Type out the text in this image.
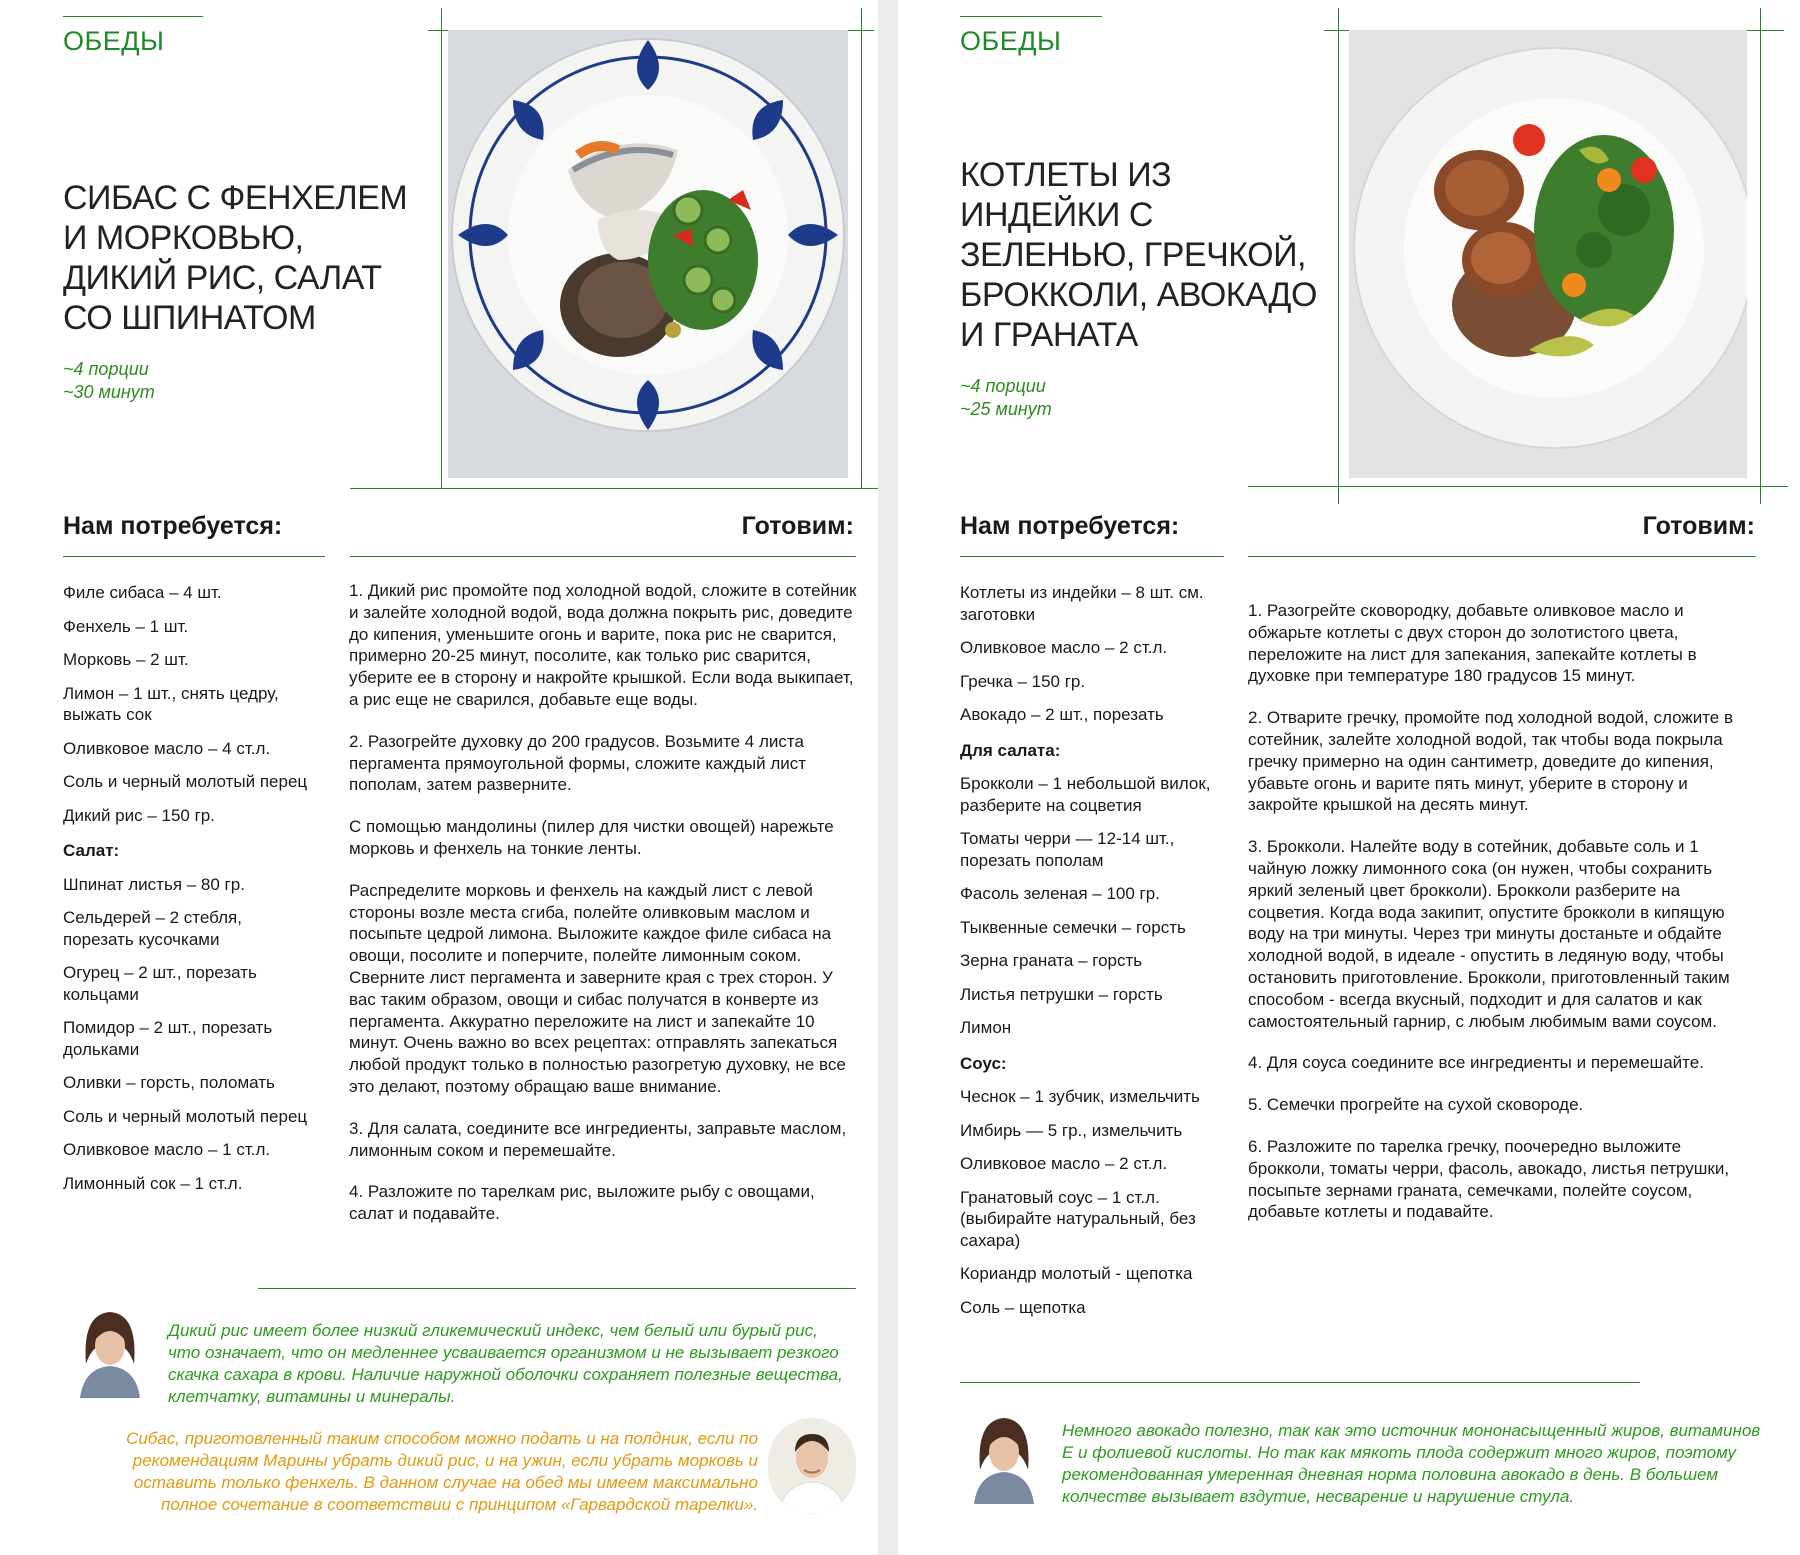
ОБЕДЫ
СИБАС С ФЕНХЕЛЕМ
И МОРКОВЬЮ,
ДИКИЙ РИС, САЛАТ
СО ШПИНАТОМ
~4 порции
~30 минут
Нам потребуется:	Готовим:
Филе сибаса – 4 шт.
Фенхель – 1 шт.
Морковь – 2 шт.
Лимон – 1 шт., снять цедру, выжать сок
Оливковое масло – 4 ст.л.
Соль и черный молотый перец
Дикий рис – 150 гр.
Салат:
Шпинат листья – 80 гр.
Сельдерей – 2 стебля, порезать кусочками
Огурец – 2 шт., порезать кольцами
Помидор – 2 шт., порезать дольками
Оливки – горсть, поломать
Соль и черный молотый перец
Оливковое масло – 1 ст.л.
Лимонный сок – 1 ст.л.

1. Дикий рис промойте под холодной водой, сложите в сотейник и залейте холодной водой, вода должна покрыть рис, доведите до кипения, уменьшите огонь и варите, пока рис не сварится, примерно 20-25 минут, посолите, как только рис сварится, уберите ее в сторону и накройте крышкой. Если вода выкипает, а рис еще не сварился, добавьте еще воды.

2. Разогрейте духовку до 200 градусов. Возьмите 4 листа пергамента прямоугольной формы, сложите каждый лист пополам, затем разверните.

С помощью мандолины (пилер для чистки овощей) нарежьте морковь и фенхель на тонкие ленты.

Распределите морковь и фенхель на каждый лист с левой стороны возле места сгиба, полейте оливковым маслом и посыпьте цедрой лимона. Выложите каждое филе сибаса на овощи, посолите и поперчите, полейте лимонным соком. Сверните лист пергамента и заверните края с трех сторон. У вас таким образом, овощи и сибас получатся в конверте из пергамента. Аккуратно переложите на лист и запекайте 10 минут. Очень важно во всех рецептах: отправлять запекаться любой продукт только в полностью разогретую духовку, не все это делают, поэтому обращаю ваше внимание.

3. Для салата, соедините все ингредиенты, заправьте маслом, лимонным соком и перемешайте.

4. Разложите по тарелкам рис, выложите рыбу с овощами, салат и подавайте.

Дикий рис имеет более низкий гликемический индекс, чем белый или бурый рис, что означает, что он медленнее усваивается организмом и не вызывает резкого скачка сахара в крови. Наличие наружной оболочки сохраняет полезные вещества, клетчатку, витамины и минералы.
Сибас, приготовленный таким способом можно подать и на полдник, если по рекомендациям Марины убрать дикий рис, и на ужин, если убрать морковь и оставить только фенхель. В данном случае на обед мы имеем максимально полное сочетание в соответствии с принципом «Гарвардской тарелки».
ОБЕДЫ
КОТЛЕТЫ ИЗ
ИНДЕЙКИ С
ЗЕЛЕНЬЮ, ГРЕЧКОЙ,
БРОККОЛИ, АВОКАДО
И ГРАНАТА
~4 порции
~25 минут
Нам потребуется:	Готовим:
Котлеты из индейки – 8 шт. см. заготовки
Оливковое масло – 2 ст.л.
Гречка – 150 гр.
Авокадо – 2 шт., порезать
Для салата:
Брокколи – 1 небольшой вилок, разберите на соцветия
Томаты черри — 12-14 шт., порезать пополам
Фасоль зеленая – 100 гр.
Тыквенные семечки – горсть
Зерна граната – горсть
Листья петрушки – горсть
Лимон
Соус:
Чеснок – 1 зубчик, измельчить
Имбирь — 5 гр., измельчить
Оливковое масло – 2 ст.л.
Гранатовый соус – 1 ст.л. (выбирайте натуральный, без сахара)
Кориандр молотый - щепотка
Соль – щепотка

1. Разогрейте сковородку, добавьте оливковое масло и обжарьте котлеты с двух сторон до золотистого цвета, переложите на лист для запекания, запекайте котлеты в духовке при температуре 180 градусов 15 минут.

2. Отварите гречку, промойте под холодной водой, сложите в сотейник, залейте холодной водой, так чтобы вода покрыла гречку примерно на один сантиметр, доведите до кипения, убавьте огонь и варите пять минут, уберите в сторону и закройте крышкой на десять минут.

3. Брокколи. Налейте воду в сотейник, добавьте соль и 1 чайную ложку лимонного сока (он нужен, чтобы сохранить яркий зеленый цвет брокколи). Брокколи разберите на соцветия. Когда вода закипит, опустите брокколи в кипящую воду на три минуты. Через три минуты достаньте и обдайте холодной водой, в идеале - опустить в ледяную воду, чтобы остановить приготовление. Брокколи, приготовленный таким способом - всегда вкусный, подходит и для салатов и как самостоятельный гарнир, с любым любимым вами соусом.

4. Для соуса соедините все ингредиенты и перемешайте.

5. Семечки прогрейте на сухой сковороде.

6. Разложите по тарелка гречку, поочередно выложите брокколи, томаты черри, фасоль, авокадо, листья петрушки, посыпьте зернами граната, семечками, полейте соусом, добавьте котлеты и подавайте.

Немного авокадо полезно, так как это источник мононасыщенный жиров, витаминов Е и фолиевой кислоты. Но так как мякоть плода содержит много жиров, поэтому рекомендованная умеренная дневная норма половина авокадо в день. В большем колчестве вызывает вздутие, несварение и нарушение стула.
